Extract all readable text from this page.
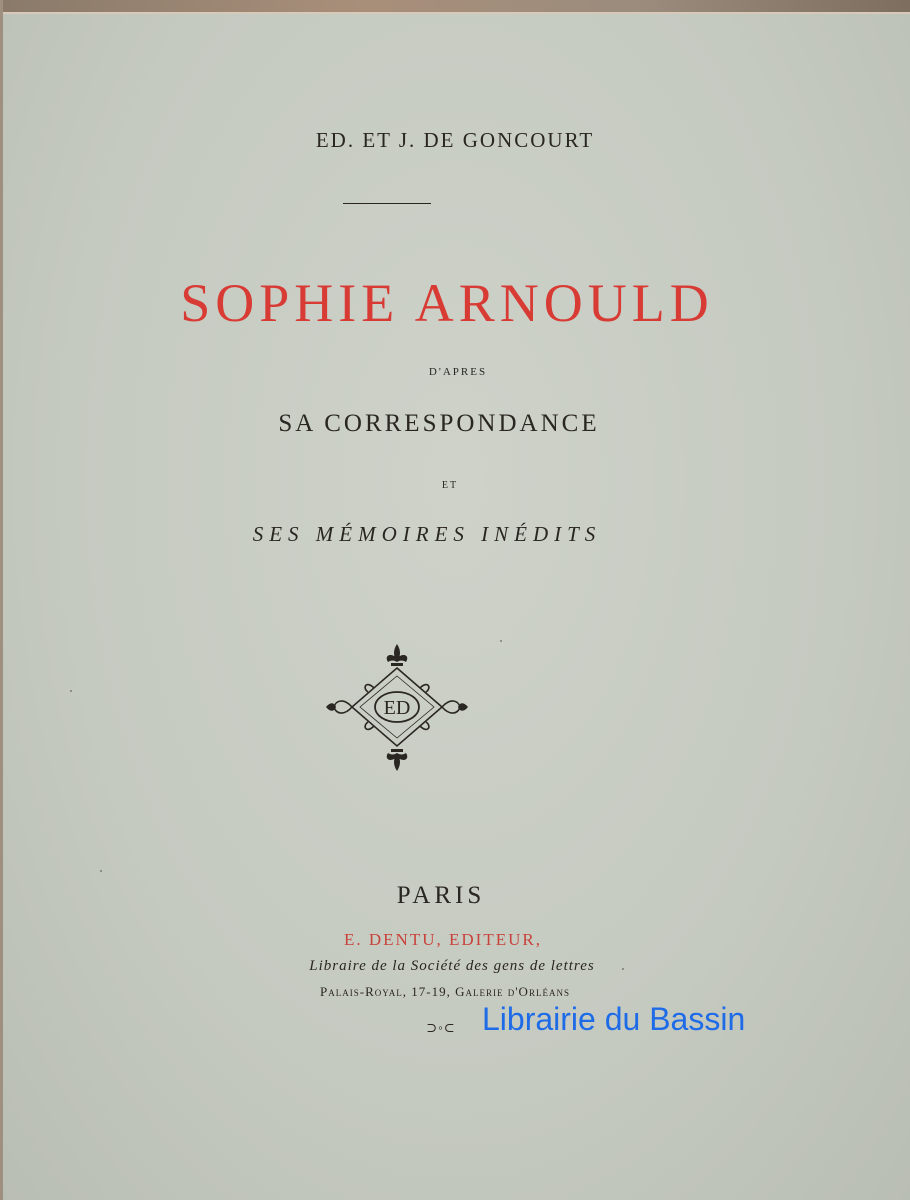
ED. ET J. DE GONCOURT
SOPHIE ARNOULD
D'APRES
SA CORRESPONDANCE
ET
SES MÉMOIRES INÉDITS
ED
PARIS
E. DENTU, EDITEUR,
Libraire de la Société des gens de lettres
Palais-Royal, 17-19, Galerie d'Orléans
⊃◦⊂ Librairie du Bassin
